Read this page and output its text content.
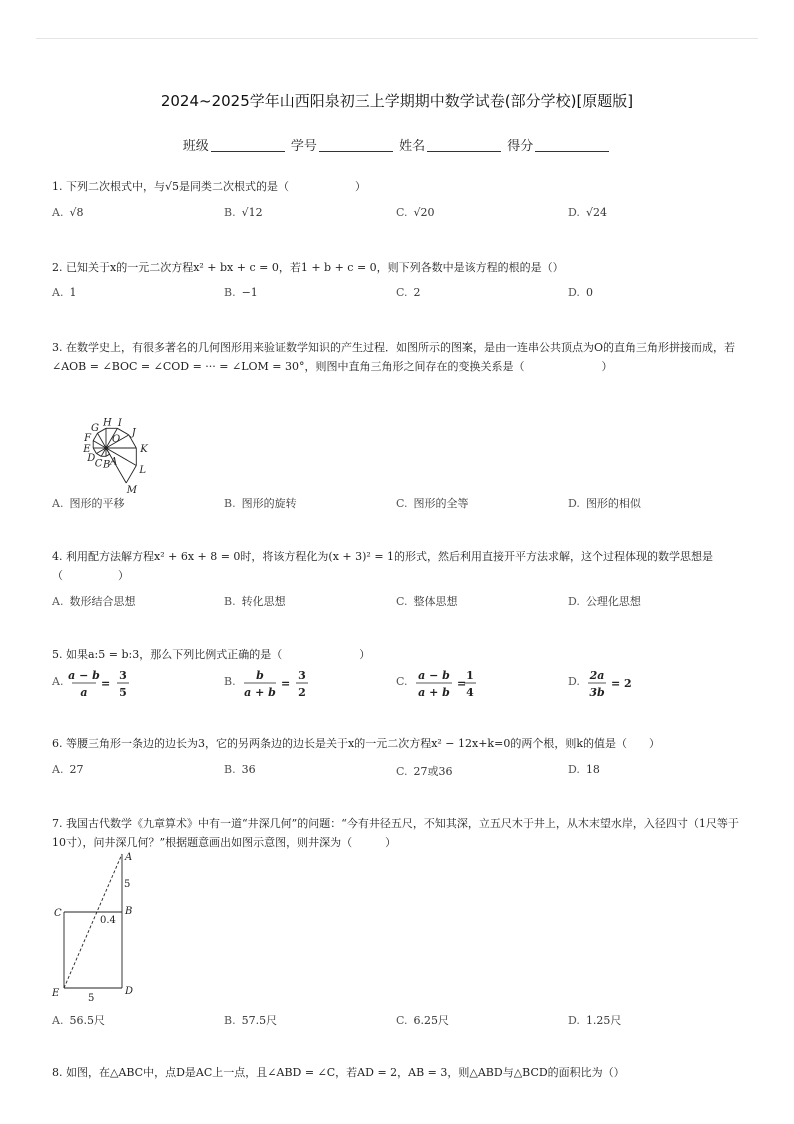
2024~2025学年山西阳泉初三上学期期中数学试卷(部分学校)[原题版]
班级	学号	姓名	得分
1. 下列二次根式中，与√5是同类二次根式的是（　　　　　　）
A. √8	B. √12	C. √20	D. √24
2. 已知关于x的一元二次方程x² + bx + c = 0，若1 + b + c = 0，则下列各数中是该方程的根的是（）
A. 1	B. −1	C. 2	D. 0
3. 在数学史上，有很多著名的几何图形用来验证数学知识的产生过程．如图所示的图案，是由一连串公共顶点为O的直角三角形拼接而成，若∠AOB = ∠BOC = ∠COD = ··· = ∠LOM = 30°，则图中直角三角形之间存在的变换关系是（　　　　　　　）
A
B
C
D
E
F
G
H I
J
K
L
M
O
A. 图形的平移	B. 图形的旋转	C. 图形的全等	D. 图形的相似
4. 利用配方法解方程x² + 6x + 8 = 0时，将该方程化为(x + 3)² = 1的形式，然后利用直接开平方法求解，这个过程体现的数学思想是（　　　　　）
A. 数形结合思想	B. 转化思想	C. 整体思想	D. 公理化思想
5. 如果a:5 = b:3，那么下列比例式正确的是（　　　　　　　）
A. a − b
a
=
3
5
B. b
a + b
=
3
2
C. a − b
a + b
=
1
4
D. 2a
3b
= 2
6. 等腰三角形一条边的边长为3，它的另两条边的边长是关于x的一元二次方程x² − 12x+k=0的两个根，则k的值是（　　）
A. 27	B. 36	C. 27或36	D. 18
7. 我国古代数学《九章算术》中有一道“井深几何”的问题：“今有井径五尺，不知其深，立五尺木于井上，从木末望水岸，入径四寸（1尺等于10寸），问井深几何？”根据题意画出如图示意图，则井深为（　　　）
A
B
C
D
E
5
0.4
5
A. 56.5尺	B. 57.5尺	C. 6.25尺	D. 1.25尺
8. 如图，在△ABC中，点D是AC上一点，且∠ABD = ∠C，若AD = 2，AB = 3，则△ABD与△BCD的面积比为（）
